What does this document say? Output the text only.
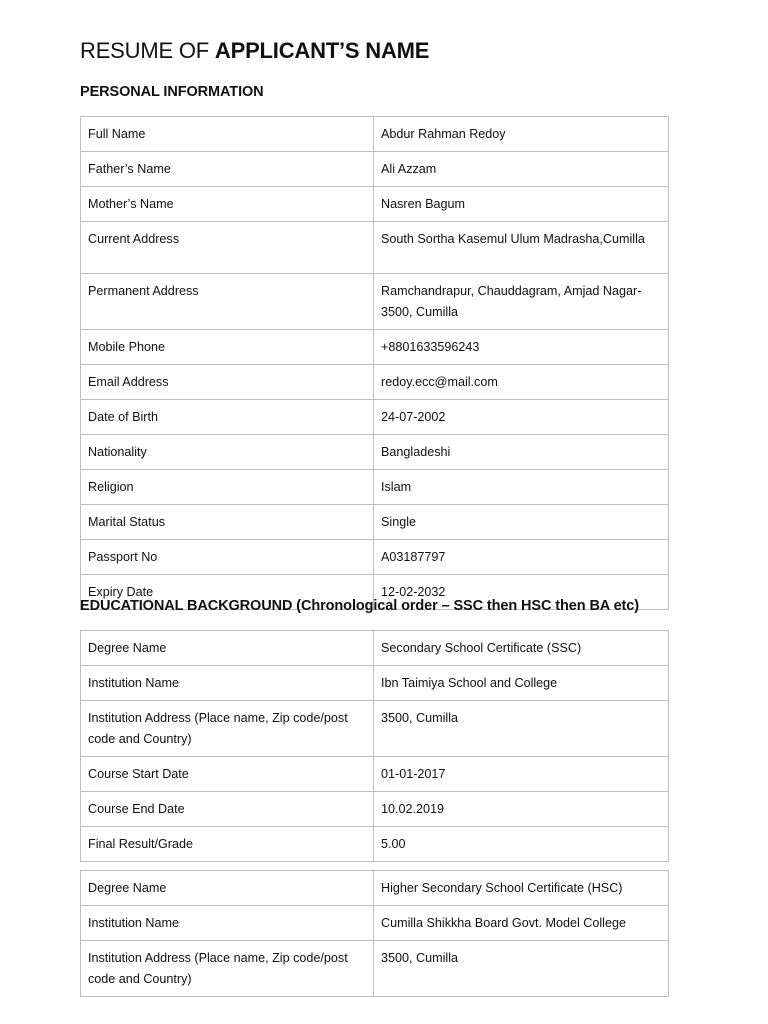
RESUME OF APPLICANT’S NAME
PERSONAL INFORMATION
Full Name	Abdur Rahman Redoy
Father’s Name	Ali Azzam
Mother’s Name	Nasren Bagum
Current Address	South Sortha Kasemul Ulum Madrasha,Cumilla
Permanent Address	Ramchandrapur, Chauddagram, Amjad Nagar- 3500, Cumilla
Mobile Phone	+8801633596243
Email Address	redoy.ecc@mail.com
Date of Birth	24-07-2002
Nationality	Bangladeshi
Religion	Islam
Marital Status	Single
Passport No	A03187797
Expiry Date	12-02-2032
EDUCATIONAL BACKGROUND (Chronological order – SSC then HSC then BA etc)
Degree Name	Secondary School Certificate (SSC)
Institution Name	Ibn Taimiya School and College
Institution Address (Place name, Zip code/post code and Country)	3500, Cumilla
Course Start Date	01-01-2017
Course End Date	10.02.2019
Final Result/Grade	5.00
Degree Name	Higher Secondary School Certificate (HSC)
Institution Name	Cumilla Shikkha Board Govt. Model College
Institution Address (Place name, Zip code/post code and Country)	3500, Cumilla
